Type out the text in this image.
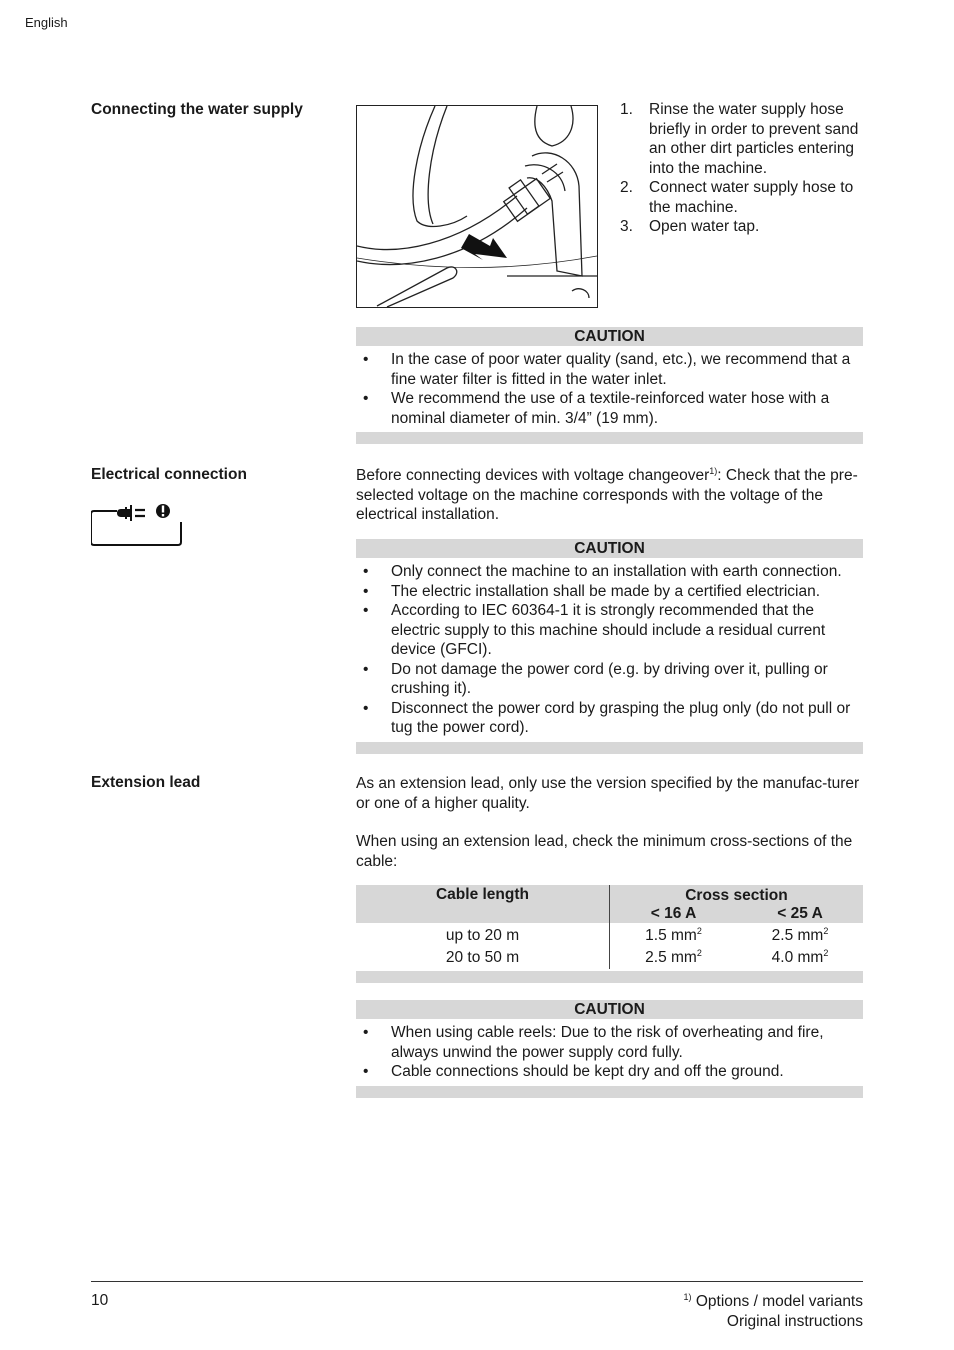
English
Connecting the water supply	1. Rinse the water supply hose briefly in order to prevent sand an other dirt particles entering into the machine.
2. Connect water supply hose to the machine.
3. Open water tap.
CAUTION
• In the case of poor water quality (sand, etc.), we recommend that a fine water filter is fitted in the water inlet.
• We recommend the use of a textile-reinforced water hose with a nominal diameter of min. 3/4” (19 mm).
Electrical connection	Before connecting devices with voltage changeover$^{1)}$: Check that the pre-selected voltage on the machine corresponds with the voltage of the electrical installation.
CAUTION
• Only connect the machine to an installation with earth connection.
• The electric installation shall be made by a certified electrician.
• According to IEC 60364-1 it is strongly recommended that the electric supply to this machine should include a residual current device (GFCI).
• Do not damage the power cord (e.g. by driving over it, pulling or crushing it).
• Disconnect the power cord by grasping the plug only (do not pull or tug the power cord).
Extension lead	As an extension lead, only use the version specified by the manufac-turer or one of a higher quality.
When using an extension lead, check the minimum cross-sections of the cable:
Cable length	Cross section	
	< 16 A	< 25 A
up to 20 m	1.5 $mm^2$	2.5 $mm^2$
20 to 50 m	2.5 $mm^2$	4.0 $mm^2$
CAUTION
• When using cable reels: Due to the risk of overheating and fire, always unwind the power supply cord fully.
• Cable connections should be kept dry and off the ground.
10	$^{1)}$ Options / model variants
Original instructions
